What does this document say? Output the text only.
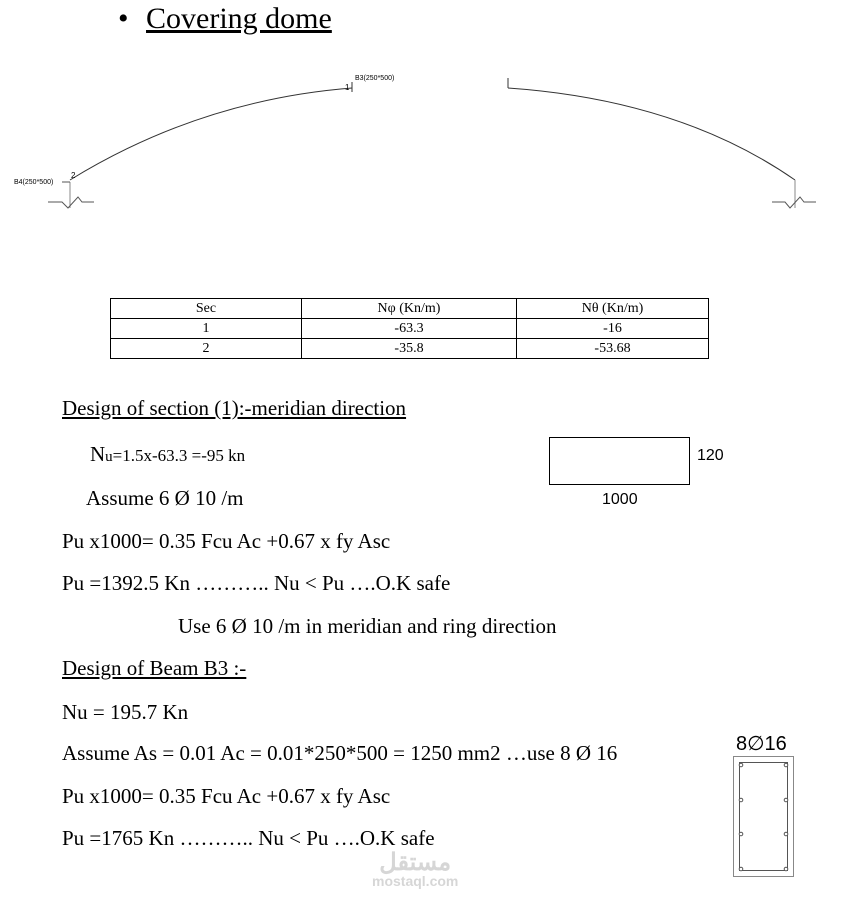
• Covering dome
B3(250*500)
B4(250*500)
1
2
Sec	Nφ (Kn/m)	Nθ (Kn/m)
1	-63.3	-16
2	-35.8	-53.68
Design of section (1):-meridian direction
Nu=1.5x-63.3 =-95 kn	120
1000
Assume 6 Ø 10 /m
Pu x1000= 0.35 Fcu Ac +0.67 x fy Asc
Pu =1392.5 Kn ……….. Nu < Pu ….O.K safe
Use 6 Ø 10 /m in meridian and ring direction
Design of Beam B3 :-
Nu = 195.7 Kn
Assume As = 0.01 Ac = 0.01*250*500 = 1250 mm2 …use 8 Ø 16
Pu x1000= 0.35 Fcu Ac +0.67 x fy Asc
Pu =1765 Kn ……….. Nu < Pu ….O.K safe
8∅16
مستقل
mostaql.com
